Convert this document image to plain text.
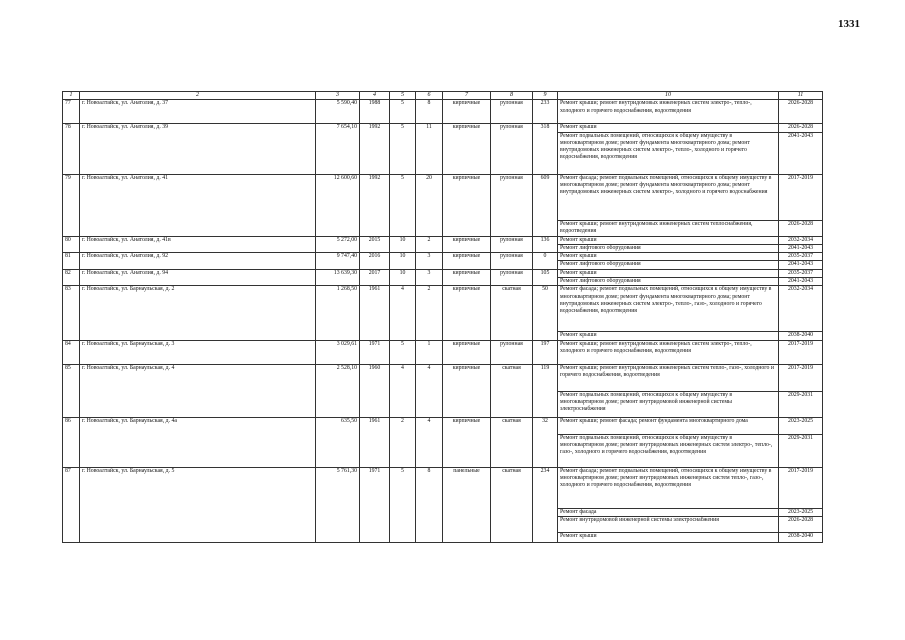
1331
1	2	3	4	5	6	7	8	9	10	11
77	г. Новоалтайск, ул. Анатолия, д. 37	5 590,40	1988	5	8	кирпичные	рулонная	233	Ремонт крыши; ремонт внутридомовых инженерных систем электро-, тепло-, холодного и горячего водоснабжения, водоотведения	2026-2028
78	г. Новоалтайск, ул. Анатолия, д. 39	7 654,10	1992	5	11	кирпичные	рулонная	318	Ремонт крыши	2026-2028
									Ремонт подвальных помещений, относящихся к общему имуществу в многоквартирном доме; ремонт фундамента многоквартирного дома; ремонт внутридомовых инженерных систем электро-, тепло-, холодного и горячего водоснабжения, водоотведения	2041-2043
79	г. Новоалтайск, ул. Анатолия, д. 41	12 600,60	1992	5	20	кирпичные	рулонная	609	Ремонт фасада; ремонт подвальных помещений, относящихся к общему имуществу в многоквартирном доме; ремонт фундамента многоквартирного дома; ремонт внутридомовых инженерных систем электро-, холодного и горячего водоснабжения	2017-2019
									Ремонт крыши; ремонт внутридомовых инженерных систем теплоснабжения, водоотведения	2026-2028
80	г. Новоалтайск, ул. Анатолия, д. 41в	5 272,00	2015	10	2	кирпичные	рулонная	136	Ремонт крыши	2032-2034
									Ремонт лифтового оборудования	2041-2043
81	г. Новоалтайск, ул. Анатолия, д. 92	9 747,40	2016	10	3	кирпичные	рулонная	0	Ремонт крыши	2035-2037
									Ремонт лифтового оборудования	2041-2043
82	г. Новоалтайск, ул. Анатолия, д. 94	13 639,30	2017	10	3	кирпичные	рулонная	105	Ремонт крыши	2035-2037
									Ремонт лифтового оборудования	2041-2043
83	г. Новоалтайск, ул. Барнаульская, д. 2	1 268,50	1961	4	2	кирпичные	скатная	50	Ремонт фасада; ремонт подвальных помещений, относящихся к общему имуществу в многоквартирном доме; ремонт фундамента многоквартирного дома; ремонт внутридомовых инженерных систем электро-, тепло-, газо-, холодного и горячего водоснабжения, водоотведения	2032-2034
									Ремонт крыши	2038-2040
84	г. Новоалтайск, ул. Барнаульская, д. 3	3 029,61	1971	5	1	кирпичные	рулонная	197	Ремонт крыши; ремонт внутридомовых инженерных систем электро-, тепло-, холодного и горячего водоснабжения, водоотведения	2017-2019
85	г. Новоалтайск, ул. Барнаульская, д. 4	2 528,10	1960	4	4	кирпичные	скатная	119	Ремонт крыши; ремонт внутридомовых инженерных систем тепло-, газо-, холодного и горячего водоснабжения, водоотведения	2017-2019
									Ремонт подвальных помещений, относящихся к общему имуществу в многоквартирном доме; ремонт внутридомовой инженерной системы электроснабжения	2029-2031
86	г. Новоалтайск, ул. Барнаульская, д. 4а	635,50	1961	2	4	кирпичные	скатная	32	Ремонт крыши; ремонт фасада; ремонт фундамента многоквартирного дома	2023-2025
									Ремонт подвальных помещений, относящихся к общему имуществу в многоквартирном доме; ремонт внутридомовых инженерных систем электро-, тепло-, газо-, холодного и горячего водоснабжения, водоотведения	2029-2031
87	г. Новоалтайск, ул. Барнаульская, д. 5	5 761,30	1971	5	8	панельные	скатная	234	Ремонт фасада; ремонт подвальных помещений, относящихся к общему имуществу в многоквартирном доме; ремонт внутридомовых инженерных систем тепло-, газо-, холодного и горячего водоснабжения, водоотведения	2017-2019
									Ремонт фасада	2023-2025
									Ремонт внутридомовой инженерной системы электроснабжения	2026-2028
									Ремонт крыши	2038-2040
